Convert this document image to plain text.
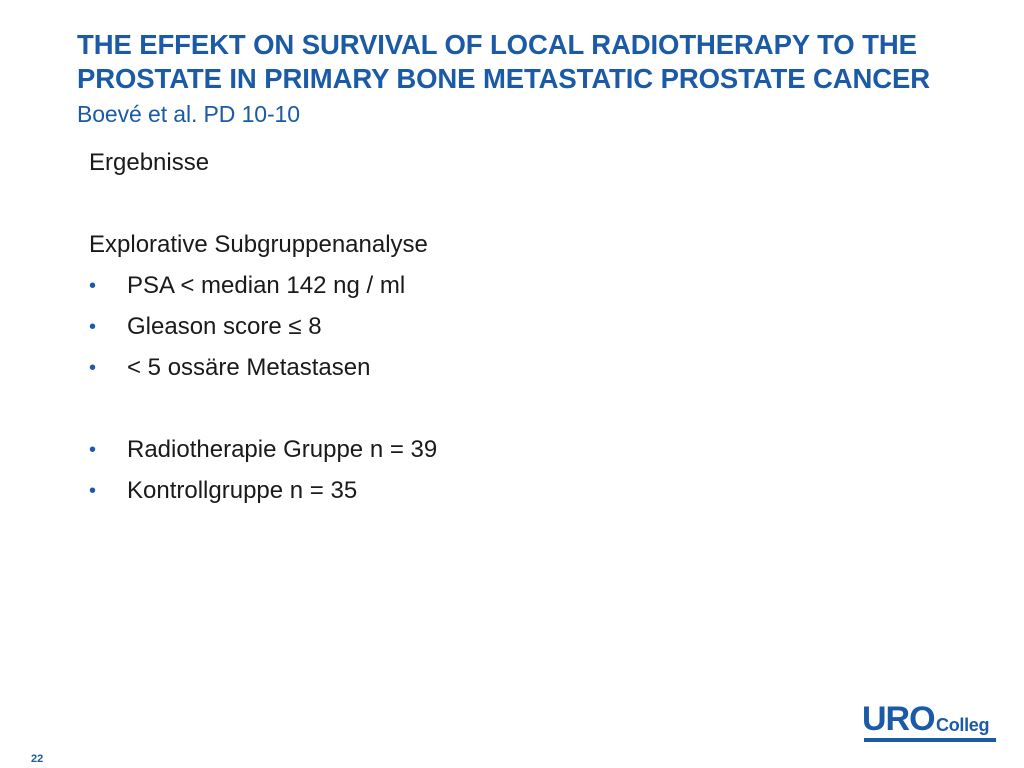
THE EFFEKT ON SURVIVAL OF LOCAL RADIOTHERAPY TO THE PROSTATE IN PRIMARY BONE METASTATIC PROSTATE CANCER Boevé et al. PD 10-10
Ergebnisse
Explorative Subgruppenanalyse
• PSA < median 142 ng / ml
• Gleason score ≤ 8
• < 5 ossäre Metastasen
• Radiotherapie Gruppe n = 39
• Kontrollgruppe n = 35
URO Colleg
22
